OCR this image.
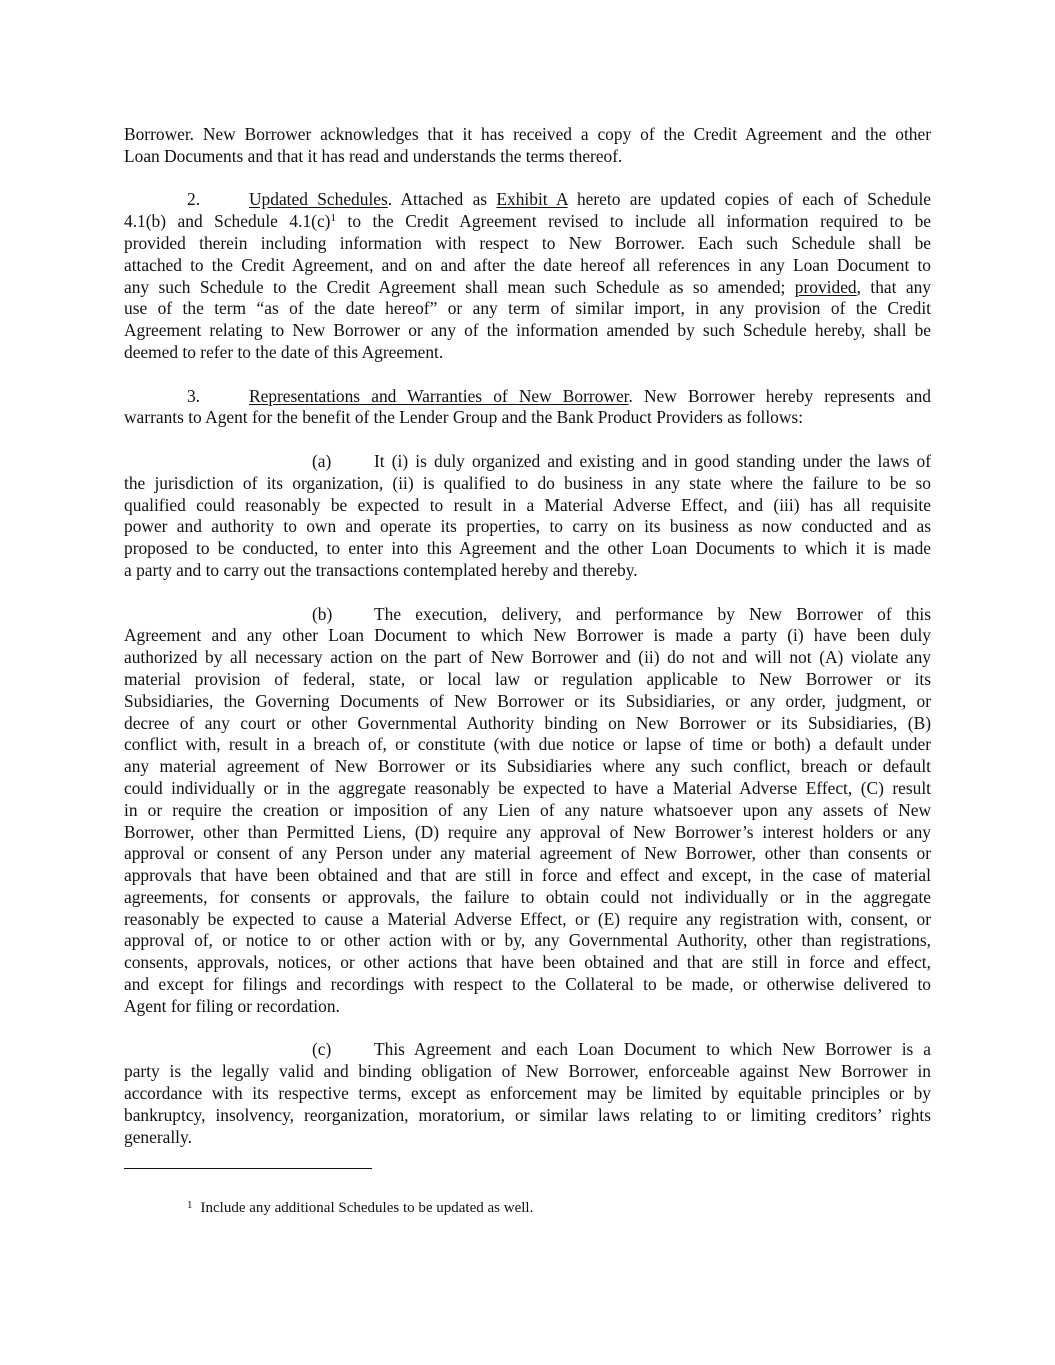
Borrower. New Borrower acknowledges that it has received a copy of the Credit Agreement and the other
Loan Documents and that it has read and understands the terms thereof.
2.	Updated Schedules. Attached as Exhibit A hereto are updated copies of each of Schedule
4.1(b) and Schedule $4.1(c)^1$ to the Credit Agreement revised to include all information required to be
provided therein including information with respect to New Borrower. Each such Schedule shall be
attached to the Credit Agreement, and on and after the date hereof all references in any Loan Document to
any such Schedule to the Credit Agreement shall mean such Schedule as so amended; provided, that any
use of the term “as of the date hereof” or any term of similar import, in any provision of the Credit
Agreement relating to New Borrower or any of the information amended by such Schedule hereby, shall be
deemed to refer to the date of this Agreement.
3.	Representations and Warranties of New Borrower. New Borrower hereby represents and
warrants to Agent for the benefit of the Lender Group and the Bank Product Providers as follows:
(a) It (i) is duly organized and existing and in good standing under the laws of
the jurisdiction of its organization, (ii) is qualified to do business in any state where the failure to be so
qualified could reasonably be expected to result in a Material Adverse Effect, and (iii) has all requisite
power and authority to own and operate its properties, to carry on its business as now conducted and as
proposed to be conducted, to enter into this Agreement and the other Loan Documents to which it is made
a party and to carry out the transactions contemplated hereby and thereby.
(b) The execution, delivery, and performance by New Borrower of this
Agreement and any other Loan Document to which New Borrower is made a party (i) have been duly
authorized by all necessary action on the part of New Borrower and (ii) do not and will not (A) violate any
material provision of federal, state, or local law or regulation applicable to New Borrower or its
Subsidiaries, the Governing Documents of New Borrower or its Subsidiaries, or any order, judgment, or
decree of any court or other Governmental Authority binding on New Borrower or its Subsidiaries, (B)
conflict with, result in a breach of, or constitute (with due notice or lapse of time or both) a default under
any material agreement of New Borrower or its Subsidiaries where any such conflict, breach or default
could individually or in the aggregate reasonably be expected to have a Material Adverse Effect, (C) result
in or require the creation or imposition of any Lien of any nature whatsoever upon any assets of New
Borrower, other than Permitted Liens, (D) require any approval of New Borrower’s interest holders or any
approval or consent of any Person under any material agreement of New Borrower, other than consents or
approvals that have been obtained and that are still in force and effect and except, in the case of material
agreements, for consents or approvals, the failure to obtain could not individually or in the aggregate
reasonably be expected to cause a Material Adverse Effect, or (E) require any registration with, consent, or
approval of, or notice to or other action with or by, any Governmental Authority, other than registrations,
consents, approvals, notices, or other actions that have been obtained and that are still in force and effect,
and except for filings and recordings with respect to the Collateral to be made, or otherwise delivered to
Agent for filing or recordation.
(c) This Agreement and each Loan Document to which New Borrower is a
party is the legally valid and binding obligation of New Borrower, enforceable against New Borrower in
accordance with its respective terms, except as enforcement may be limited by equitable principles or by
bankruptcy, insolvency, reorganization, moratorium, or similar laws relating to or limiting creditors’ rights
generally.
$^1$ Include any additional Schedules to be updated as well.
